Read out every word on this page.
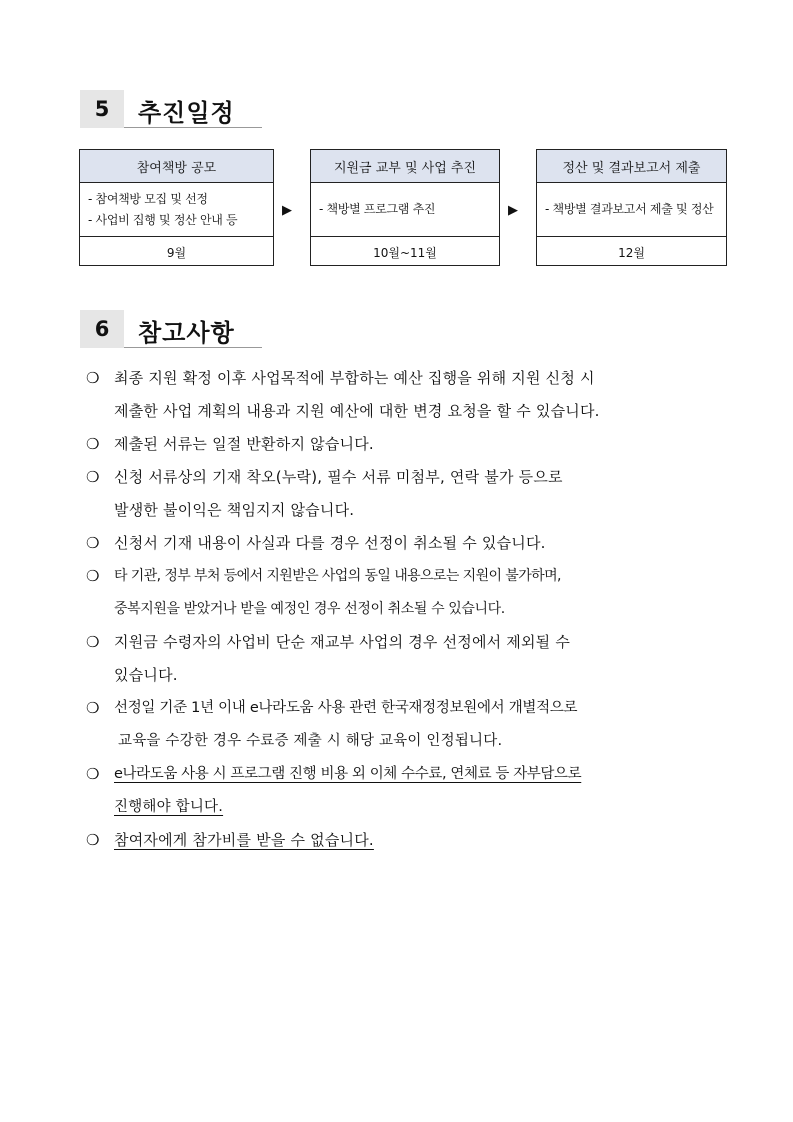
5	추진일정
참여책방 공모
- 참여책방 모집 및 선정
- 사업비 집행 및 정산 안내 등
9월
▶
지원금 교부 및 사업 추진
- 책방별 프로그램 추진
10월~11월
▶
정산 및 결과보고서 제출
- 책방별 결과보고서 제출 및 정산
12월
6	참고사항
❍ 최종 지원 확정 이후 사업목적에 부합하는 예산 집행을 위해 지원 신청 시
제출한 사업 계획의 내용과 지원 예산에 대한 변경 요청을 할 수 있습니다.
❍ 제출된 서류는 일절 반환하지 않습니다.
❍ 신청 서류상의 기재 착오(누락), 필수 서류 미첨부, 연락 불가 등으로
발생한 불이익은 책임지지 않습니다.
❍ 신청서 기재 내용이 사실과 다를 경우 선정이 취소될 수 있습니다.
❍ 타 기관, 정부 부처 등에서 지원받은 사업의 동일 내용으로는 지원이 불가하며,
중복지원을 받았거나 받을 예정인 경우 선정이 취소될 수 있습니다.
❍ 지원금 수령자의 사업비 단순 재교부 사업의 경우 선정에서 제외될 수
있습니다.
❍ 선정일 기준 1년 이내 e나라도움 사용 관련 한국재정정보원에서 개별적으로
교육을 수강한 경우 수료증 제출 시 해당 교육이 인정됩니다.
❍ e나라도움 사용 시 프로그램 진행 비용 외 이체 수수료, 연체료 등 자부담으로
진행해야 합니다.
❍ 참여자에게 참가비를 받을 수 없습니다.
